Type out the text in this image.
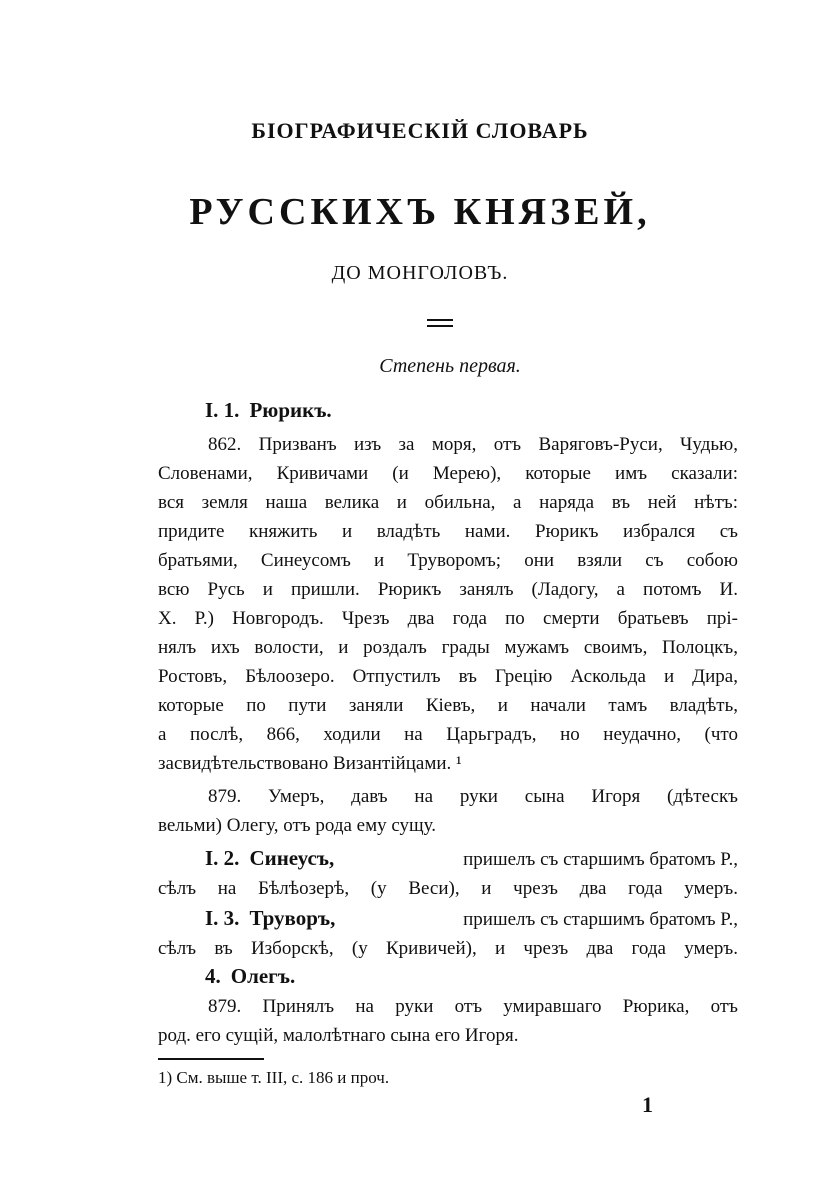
БІОГРАФИЧЕСКІЙ СЛОВАРЬ
РУССКИХЪ КНЯЗЕЙ,
ДО МОНГОЛОВЪ.
Степень первая.
I. 1. Рюрикъ.
862. Призванъ изъ за моря, отъ Варяговъ-Руси, Чудью,
Словенами, Кривичами (и Мерею), которые имъ сказали:
вся земля наша велика и обильна, а наряда въ ней нѣтъ:
придите княжить и владѣть нами. Рюрикъ избрался съ
братьями, Синеусомъ и Труворомъ; они взяли съ собою
всю Русь и пришли. Рюрикъ занялъ (Ладогу, а потомъ И.
Х. Р.) Новгородъ. Чрезъ два года по смерти братьевъ прі-
нялъ ихъ волости, и роздалъ грады мужамъ своимъ, Полоцкъ,
Ростовъ, Бѣлоозеро. Отпустилъ въ Грецію Аскольда и Дира,
которые по пути заняли Кіевъ, и начали тамъ владѣть,
а послѣ, 866, ходили на Царьградъ, но неудачно, (что
засвидѣтельствовано Византійцами. ¹
879. Умеръ, давъ на руки сына Игоря (дѣтескъ
вельми) Олегу, отъ рода ему сущу.
I. 2. Синеусъ,	пришелъ съ старшимъ братомъ Р.,
сѣлъ на Бѣлѣозерѣ, (у Веси), и чрезъ два года умеръ.
I. 3. Труворъ,	пришелъ съ старшимъ братомъ Р.,
сѣлъ въ Изборскѣ, (у Кривичей), и чрезъ два года умеръ.
4. Олегъ.
879. Принялъ на руки отъ умиравшаго Рюрика, отъ
род. его сущій, малолѣтнаго сына его Игоря.
1) См. выше т. III, с. 186 и проч.
1
